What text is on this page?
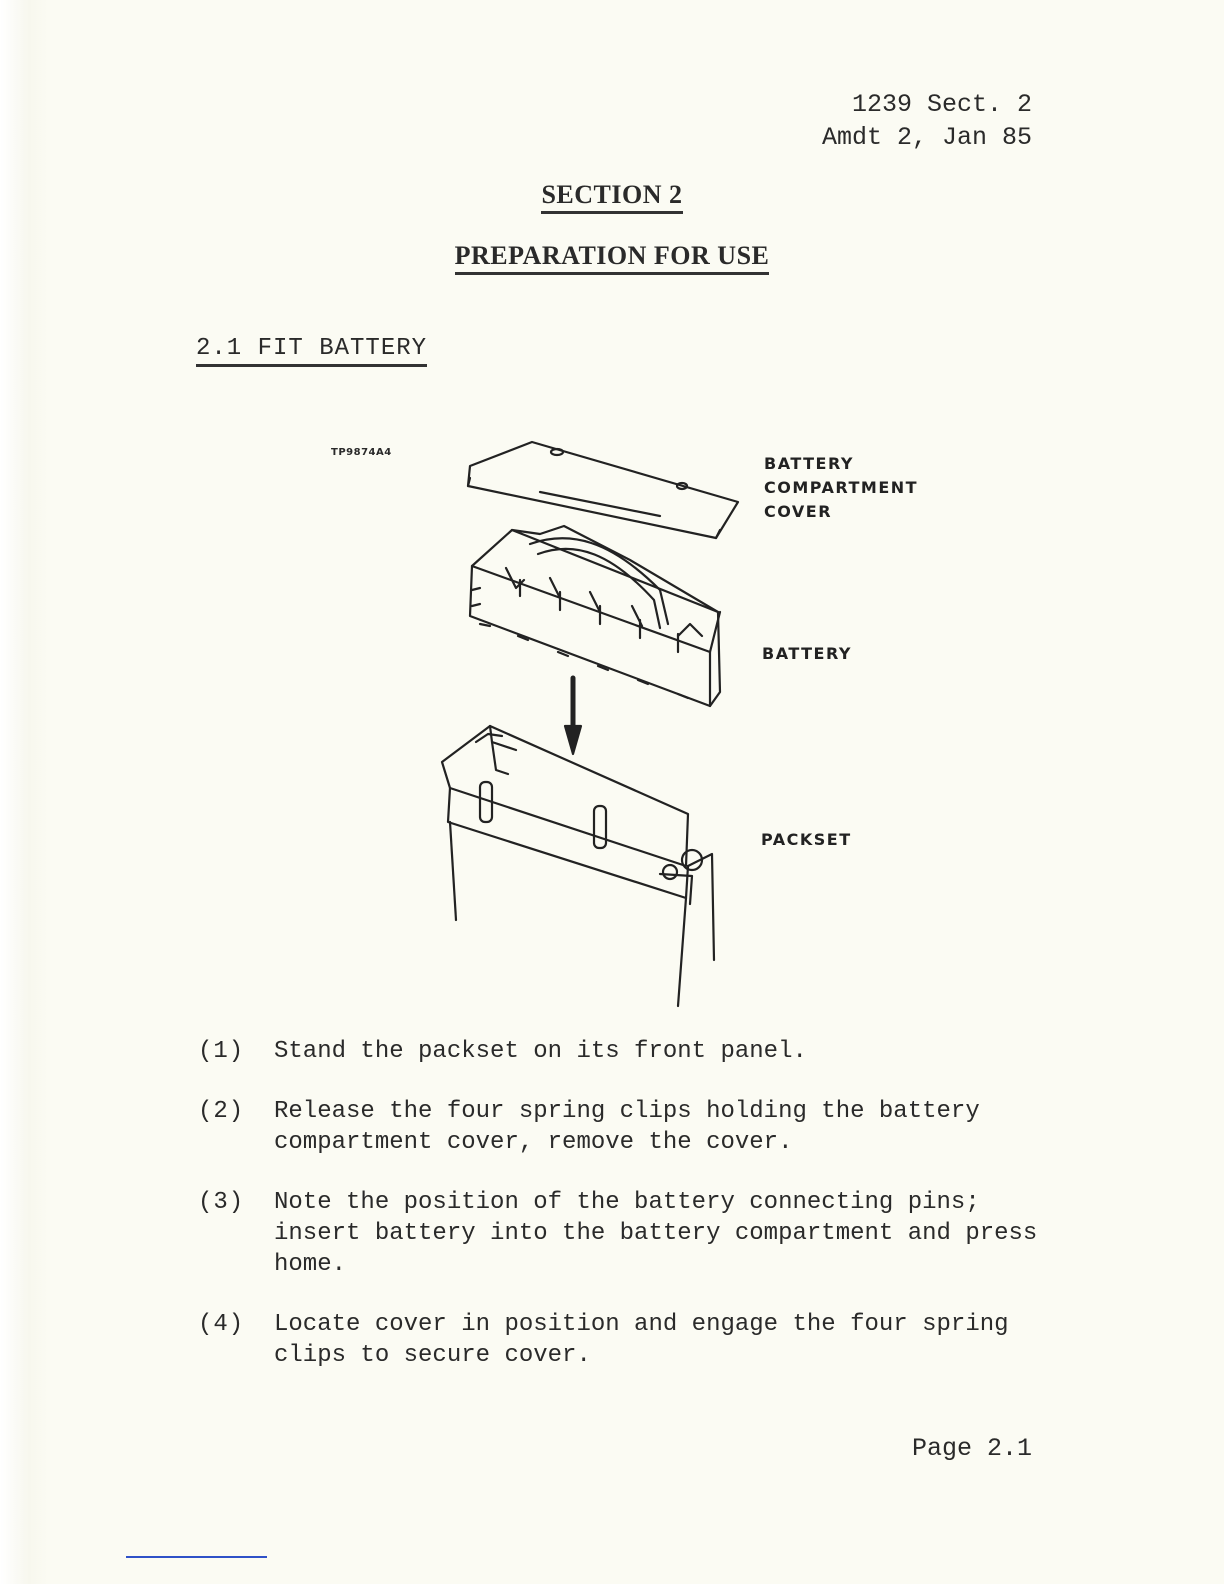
1239 Sect. 2
Amdt 2, Jan 85
SECTION 2
PREPARATION FOR USE
2.1 FIT BATTERY
TP9874A4
BATTERY
COMPARTMENT
COVER
BATTERY
PACKSET
(1)	Stand the packset on its front panel.
(2)	Release the four spring clips holding the battery compartment cover, remove the cover.
(3)	Note the position of the battery connecting pins; insert battery into the battery compartment and press home.
(4)	Locate cover in position and engage the four spring clips to secure cover.
Page 2.1
